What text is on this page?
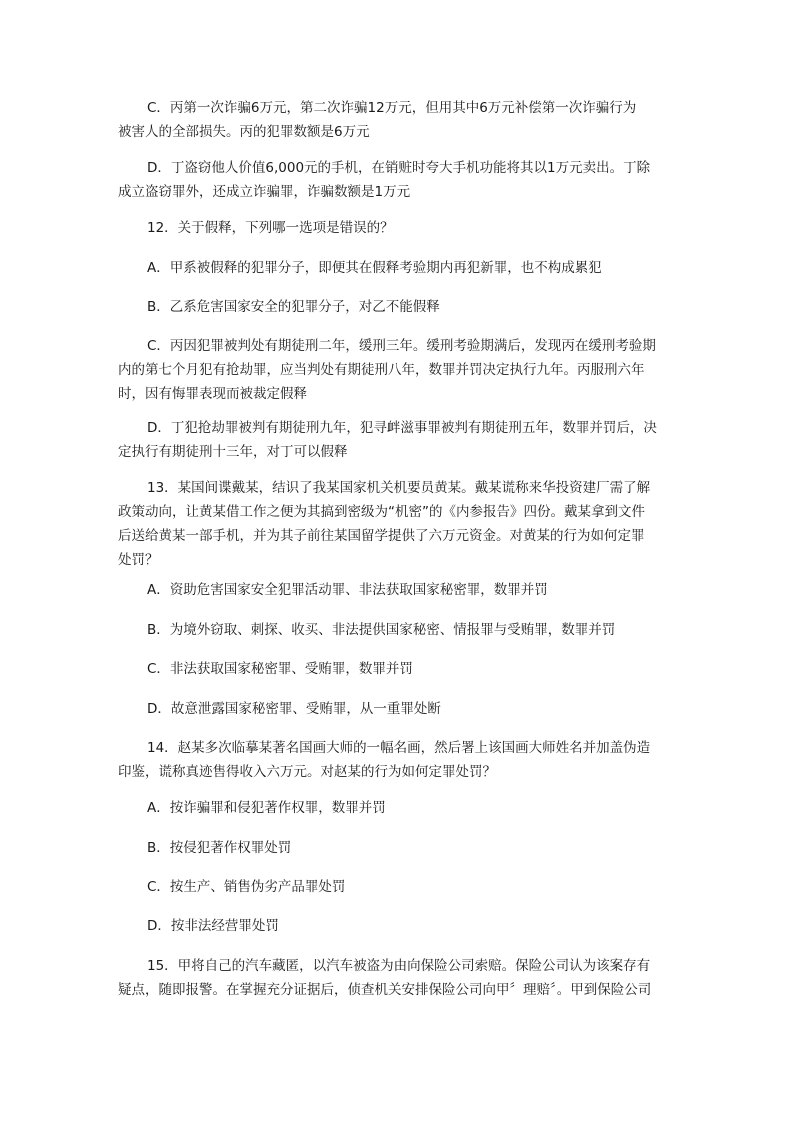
C．丙第一次诈骗6万元，第二次诈骗12万元，但用其中6万元补偿第一次诈骗行为
被害人的全部损失。丙的犯罪数额是6万元

D．丁盗窃他人价值6,000元的手机，在销赃时夸大手机功能将其以1万元卖出。丁除
成立盗窃罪外，还成立诈骗罪，诈骗数额是1万元

12．关于假释，下列哪一选项是错误的？

A．甲系被假释的犯罪分子，即便其在假释考验期内再犯新罪，也不构成累犯

B．乙系危害国家安全的犯罪分子，对乙不能假释

C．丙因犯罪被判处有期徒刑二年，缓刑三年。缓刑考验期满后，发现丙在缓刑考验期
内的第七个月犯有抢劫罪，应当判处有期徒刑八年，数罪并罚决定执行九年。丙服刑六年
时，因有悔罪表现而被裁定假释

D．丁犯抢劫罪被判有期徒刑九年，犯寻衅滋事罪被判有期徒刑五年，数罪并罚后，决
定执行有期徒刑十三年，对丁可以假释

13．某国间谍戴某，结识了我某国家机关机要员黄某。戴某谎称来华投资建厂需了解
政策动向，让黄某借工作之便为其搞到密级为“机密”的《内参报告》四份。戴某拿到文件
后送给黄某一部手机，并为其子前往某国留学提供了六万元资金。对黄某的行为如何定罪
处罚？

A．资助危害国家安全犯罪活动罪、非法获取国家秘密罪，数罪并罚

B．为境外窃取、刺探、收买、非法提供国家秘密、情报罪与受贿罪，数罪并罚

C．非法获取国家秘密罪、受贿罪，数罪并罚

D．故意泄露国家秘密罪、受贿罪，从一重罪处断

14．赵某多次临摹某著名国画大师的一幅名画，然后署上该国画大师姓名并加盖伪造
印鉴，谎称真迹售得收入六万元。对赵某的行为如何定罪处罚？

A．按诈骗罪和侵犯著作权罪，数罪并罚

B．按侵犯著作权罪处罚

C．按生产、销售伪劣产品罪处罚

D．按非法经营罪处罚

15．甲将自己的汽车藏匿，以汽车被盗为由向保险公司索赔。保险公司认为该案存有
疑点，随即报警。在掌握充分证据后，侦查机关安排保险公司向甲〞理赔〞。甲到保险公司
